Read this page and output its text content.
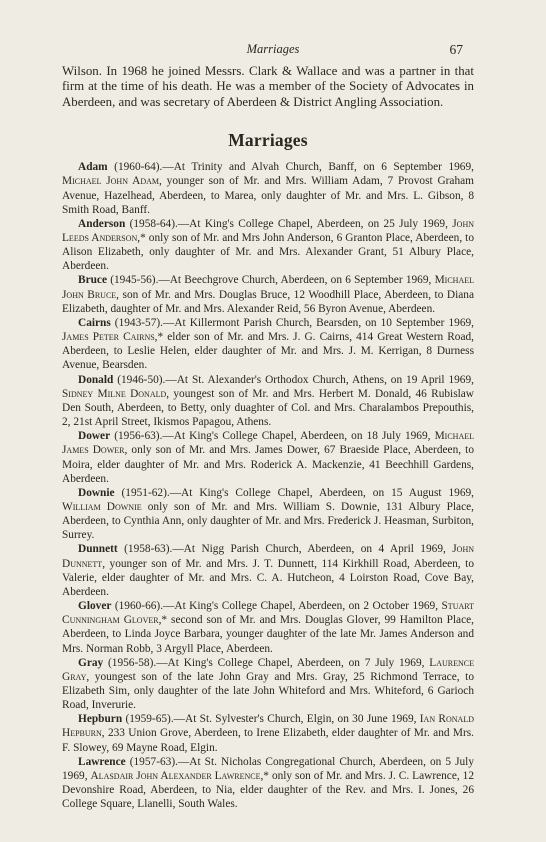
Marriages	67

Wilson. In 1968 he joined Messrs. Clark & Wallace and was a partner in that firm at the time of his death. He was a member of the Society of Advocates in Aberdeen, and was secretary of Aberdeen & District Angling Association.

Marriages

Adam (1960-64).—At Trinity and Alvah Church, Banff, on 6 September 1969, Michael John Adam, younger son of Mr. and Mrs. William Adam, 7 Provost Graham Avenue, Hazelhead, Aberdeen, to Marea, only daughter of Mr. and Mrs. L. Gibson, 8 Smith Road, Banff.

Anderson (1958-64).—At King's College Chapel, Aberdeen, on 25 July 1969, John Leeds Anderson,* only son of Mr. and Mrs John Anderson, 6 Granton Place, Aberdeen, to Alison Elizabeth, only daughter of Mr. and Mrs. Alexander Grant, 51 Albury Place, Aberdeen.

Bruce (1945-56).—At Beechgrove Church, Aberdeen, on 6 September 1969, Michael John Bruce, son of Mr. and Mrs. Douglas Bruce, 12 Woodhill Place, Aberdeen, to Diana Elizabeth, daughter of Mr. and Mrs. Alexander Reid, 56 Byron Avenue, Aberdeen.

Cairns (1943-57).—At Killermont Parish Church, Bearsden, on 10 September 1969, James Peter Cairns,* elder son of Mr. and Mrs. J. G. Cairns, 414 Great Western Road, Aberdeen, to Leslie Helen, elder daughter of Mr. and Mrs. J. M. Kerrigan, 8 Durness Avenue, Bearsden.

Donald (1946-50).—At St. Alexander's Orthodox Church, Athens, on 19 April 1969, Sidney Milne Donald, youngest son of Mr. and Mrs. Herbert M. Donald, 46 Rubislaw Den South, Aberdeen, to Betty, only duaghter of Col. and Mrs. Charalambos Prepouthis, 2, 21st April Street, Ikismos Papagou, Athens.

Dower (1956-63).—At King's College Chapel, Aberdeen, on 18 July 1969, Michael James Dower, only son of Mr. and Mrs. James Dower, 67 Braeside Place, Aberdeen, to Moira, elder daughter of Mr. and Mrs. Roderick A. Mackenzie, 41 Beechhill Gardens, Aberdeen.

Downie (1951-62).—At King's College Chapel, Aberdeen, on 15 August 1969, William Downie only son of Mr. and Mrs. William S. Downie, 131 Albury Place, Aberdeen, to Cynthia Ann, only daughter of Mr. and Mrs. Frederick J. Heasman, Surbiton, Surrey.

Dunnett (1958-63).—At Nigg Parish Church, Aberdeen, on 4 April 1969, John Dunnett, younger son of Mr. and Mrs. J. T. Dunnett, 114 Kirkhill Road, Aberdeen, to Valerie, elder daughter of Mr. and Mrs. C. A. Hutcheon, 4 Loirston Road, Cove Bay, Aberdeen.

Glover (1960-66).—At King's College Chapel, Aberdeen, on 2 October 1969, Stuart Cunningham Glover,* second son of Mr. and Mrs. Douglas Glover, 99 Hamilton Place, Aberdeen, to Linda Joyce Barbara, younger daughter of the late Mr. James Anderson and Mrs. Norman Robb, 3 Argyll Place, Aberdeen.

Gray (1956-58).—At King's College Chapel, Aberdeen, on 7 July 1969, Laurence Gray, youngest son of the late John Gray and Mrs. Gray, 25 Richmond Terrace, to Elizabeth Sim, only daughter of the late John Whiteford and Mrs. Whiteford, 6 Garioch Road, Inverurie.

Hepburn (1959-65).—At St. Sylvester's Church, Elgin, on 30 June 1969, Ian Ronald Hepburn, 233 Union Grove, Aberdeen, to Irene Elizabeth, elder daughter of Mr. and Mrs. F. Slowey, 69 Mayne Road, Elgin.

Lawrence (1957-63).—At St. Nicholas Congregational Church, Aberdeen, on 5 July 1969, Alasdair John Alexander Lawrence,* only son of Mr. and Mrs. J. C. Lawrence, 12 Devonshire Road, Aberdeen, to Nia, elder daughter of the Rev. and Mrs. I. Jones, 26 College Square, Llanelli, South Wales.
